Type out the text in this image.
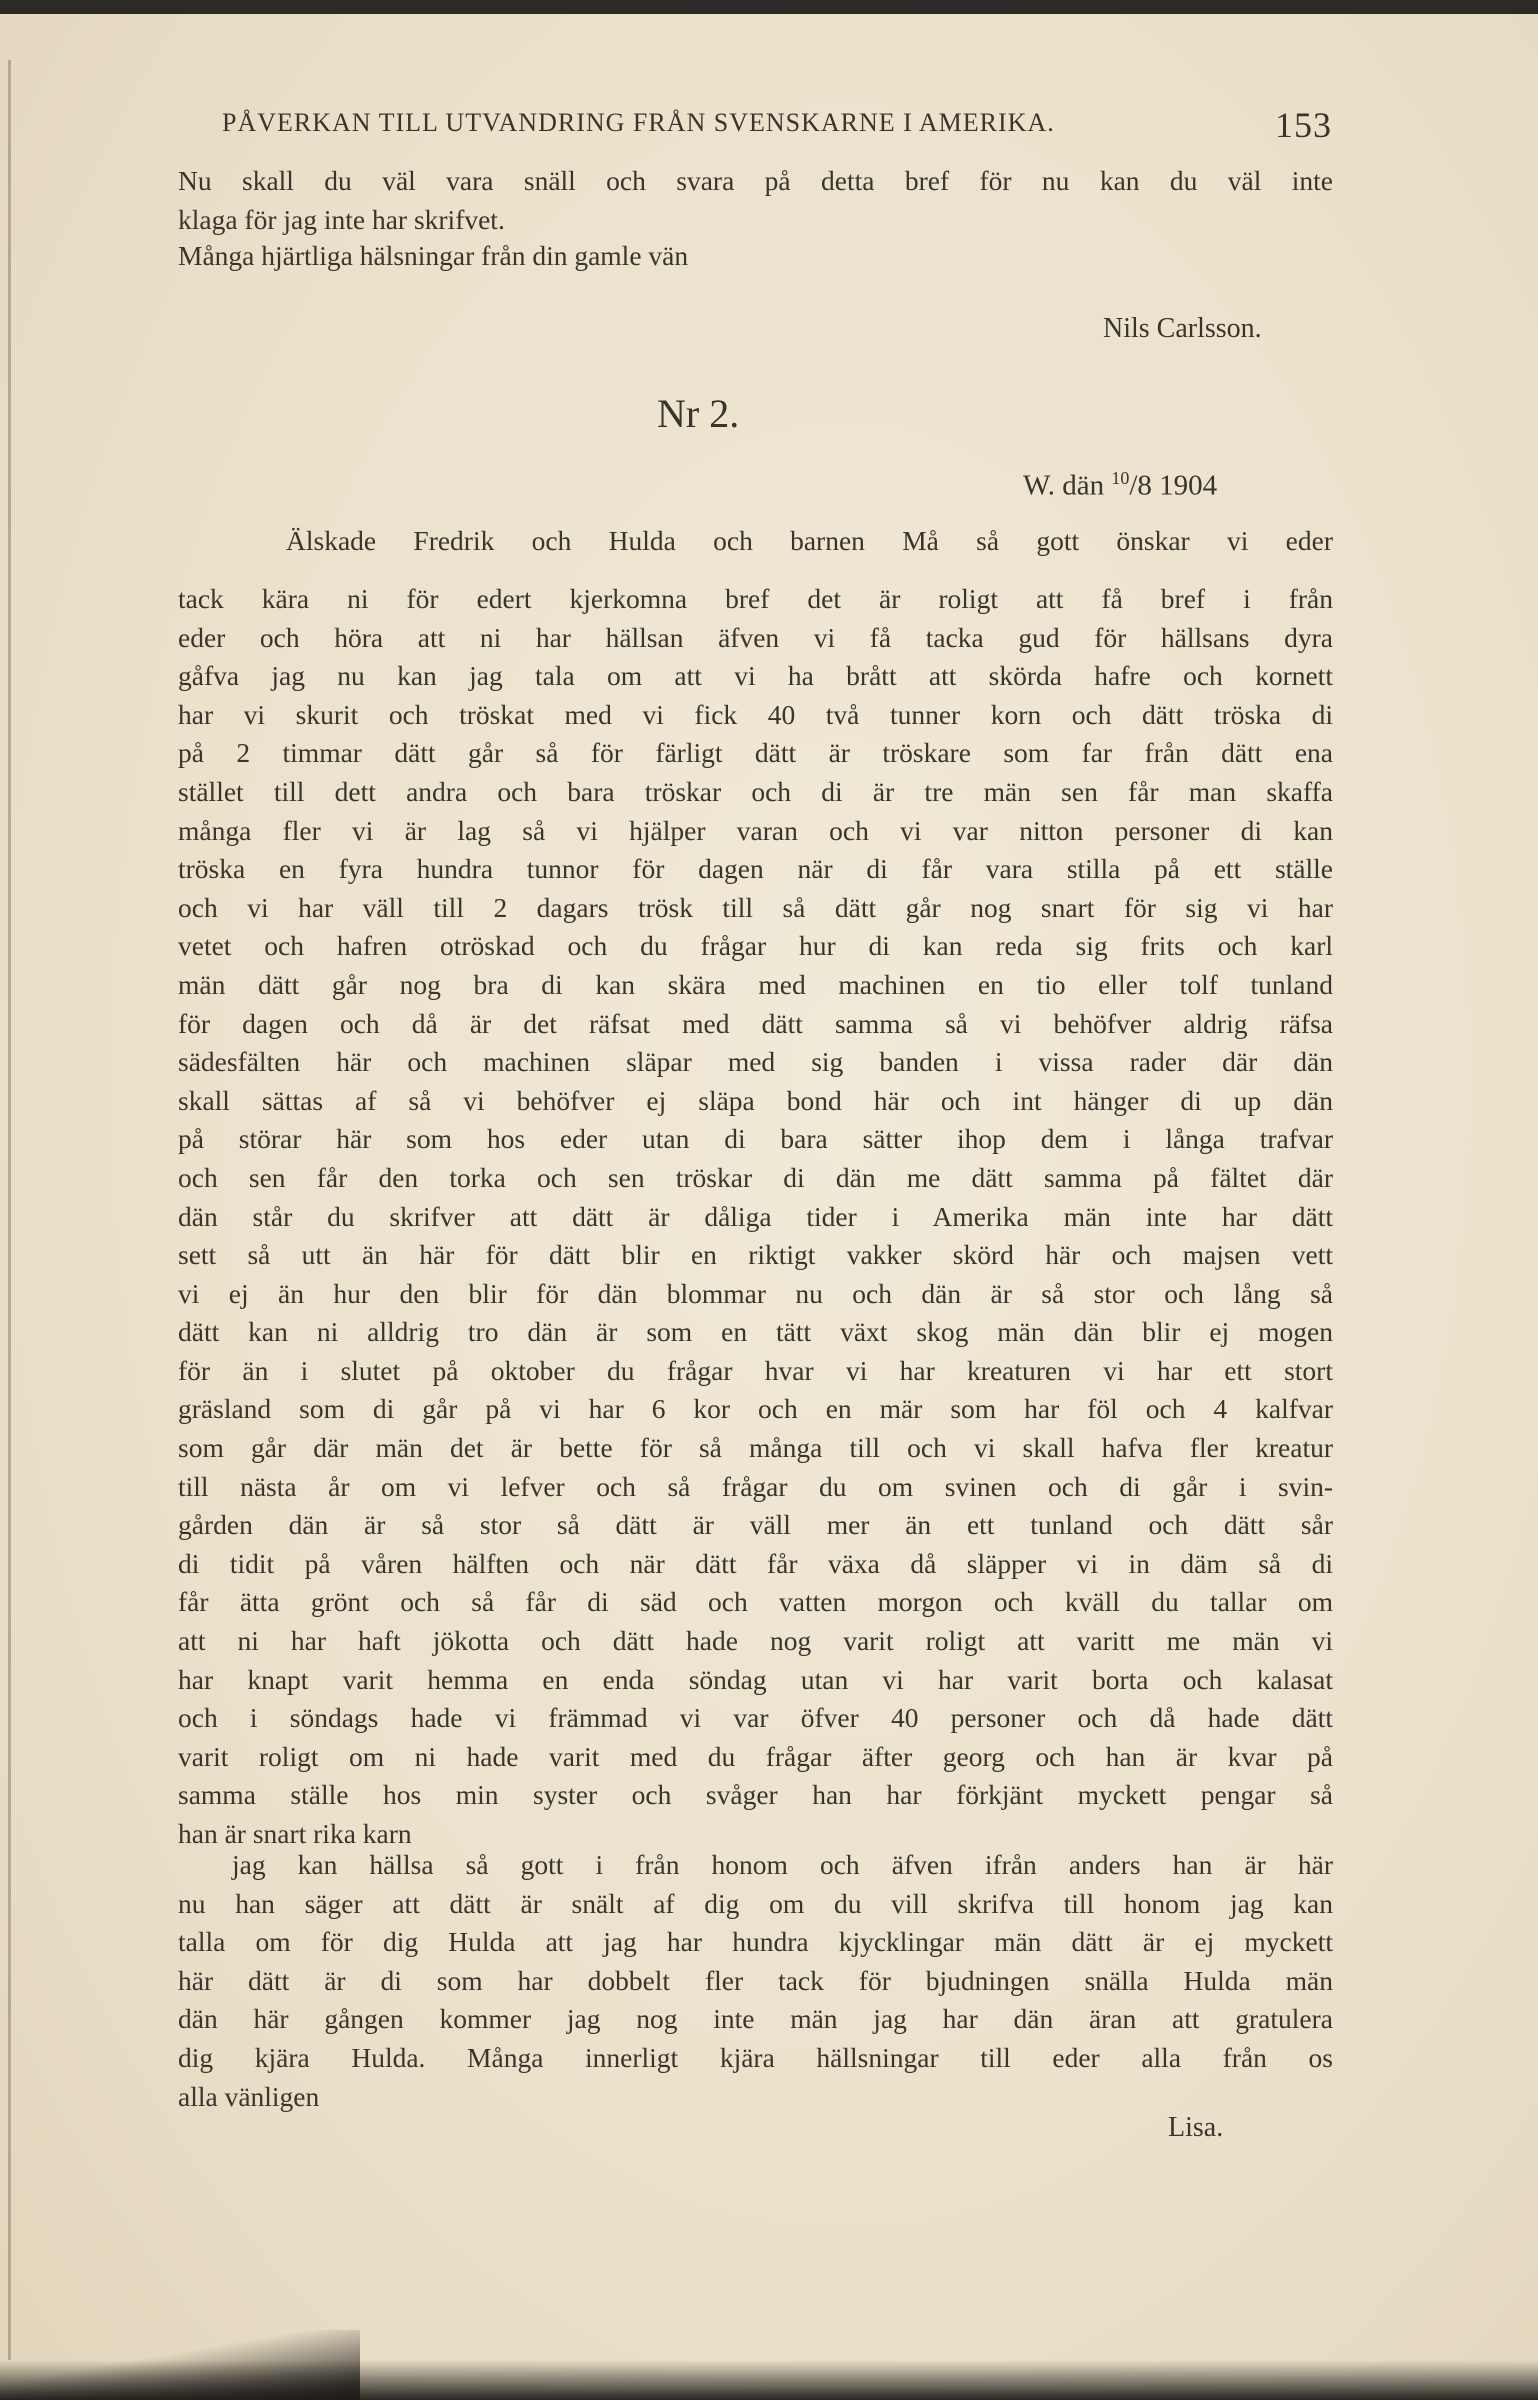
PÅVERKAN TILL UTVANDRING FRÅN SVENSKARNE I AMERIKA.	153
Nu skall du väl vara snäll och svara på detta bref för nu kan du väl inte
klaga för jag inte har skrifvet.
Många hjärtliga hälsningar från din gamle vän
Nils Carlsson.
Nr 2.
W. dän $^{10}$/8 1904
Älskade Fredrik och Hulda och barnen Må så gott önskar vi eder
tack kära ni för edert kjerkomna bref det är roligt att få bref i från
eder och höra att ni har hällsan äfven vi få tacka gud för hällsans dyra
gåfva jag nu kan jag tala om att vi ha brått att skörda hafre och kornett
har vi skurit och tröskat med vi fick 40 två tunner korn och dätt tröska di
på 2 timmar dätt går så för färligt dätt är tröskare som far från dätt ena
stället till dett andra och bara tröskar och di är tre män sen får man skaffa
många fler vi är lag så vi hjälper varan och vi var nitton personer di kan
tröska en fyra hundra tunnor för dagen när di får vara stilla på ett ställe
och vi har väll till 2 dagars trösk till så dätt går nog snart för sig vi har
vetet och hafren otröskad och du frågar hur di kan reda sig frits och karl
män dätt går nog bra di kan skära med machinen en tio eller tolf tunland
för dagen och då är det räfsat med dätt samma så vi behöfver aldrig räfsa
sädesfälten här och machinen släpar med sig banden i vissa rader där dän
skall sättas af så vi behöfver ej släpa bond här och int hänger di up dän
på störar här som hos eder utan di bara sätter ihop dem i långa trafvar
och sen får den torka och sen tröskar di dän me dätt samma på fältet där
dän står du skrifver att dätt är dåliga tider i Amerika män inte har dätt
sett så utt än här för dätt blir en riktigt vakker skörd här och majsen vett
vi ej än hur den blir för dän blommar nu och dän är så stor och lång så
dätt kan ni alldrig tro dän är som en tätt växt skog män dän blir ej mogen
för än i slutet på oktober du frågar hvar vi har kreaturen vi har ett stort
gräsland som di går på vi har 6 kor och en mär som har föl och 4 kalfvar
som går där män det är bette för så många till och vi skall hafva fler kreatur
till nästa år om vi lefver och så frågar du om svinen och di går i svin-
gården dän är så stor så dätt är väll mer än ett tunland och dätt sår
di tidit på våren hälften och när dätt får växa då släpper vi in däm så di
får ätta grönt och så får di säd och vatten morgon och kväll du tallar om
att ni har haft jökotta och dätt hade nog varit roligt att varitt me män vi
har knapt varit hemma en enda söndag utan vi har varit borta och kalasat
och i söndags hade vi främmad vi var öfver 40 personer och då hade dätt
varit roligt om ni hade varit med du frågar äfter georg och han är kvar på
samma ställe hos min syster och svåger han har förkjänt myckett pengar så
han är snart rika karn
jag kan hällsa så gott i från honom och äfven ifrån anders han är här
nu han säger att dätt är snält af dig om du vill skrifva till honom jag kan
talla om för dig Hulda att jag har hundra kjycklingar män dätt är ej myckett
här dätt är di som har dobbelt fler tack för bjudningen snälla Hulda män
dän här gången kommer jag nog inte män jag har dän äran att gratulera
dig kjära Hulda. Många innerligt kjära hällsningar till eder alla från os
alla vänligen
Lisa.
